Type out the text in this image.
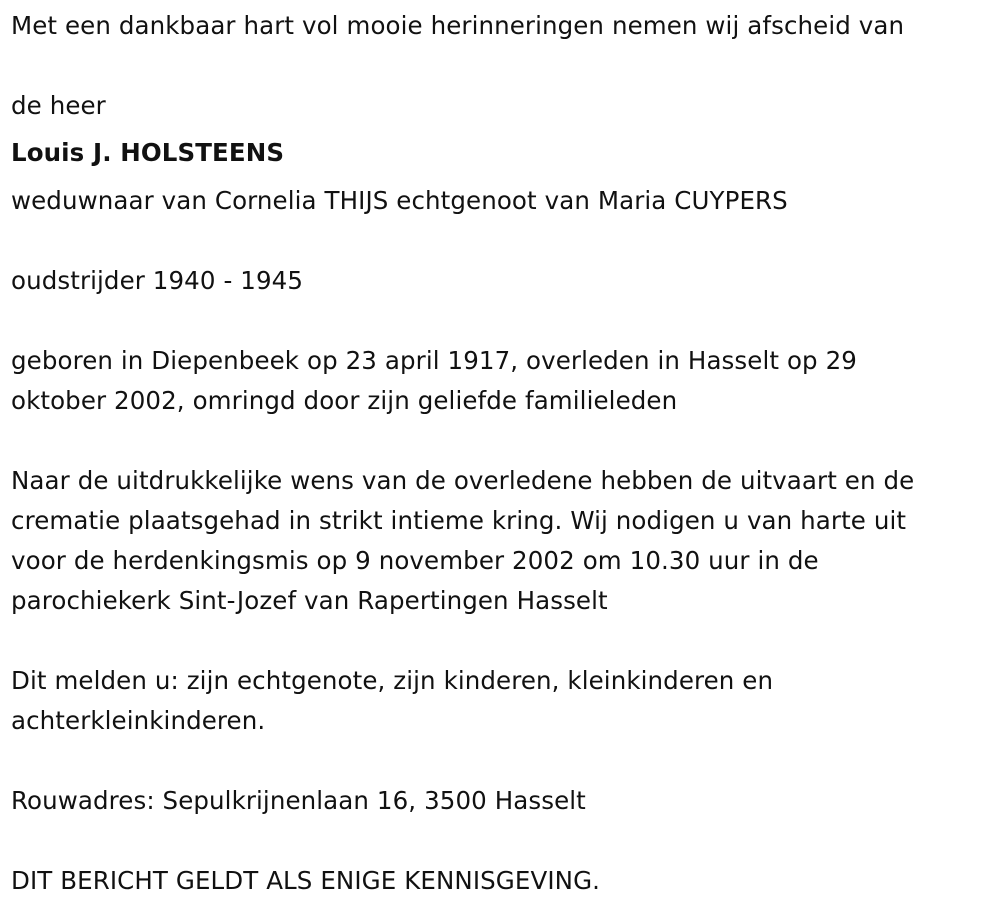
Met een dankbaar hart vol mooie herinneringen nemen wij afscheid van
de heer
Louis J. HOLSTEENS
weduwnaar van Cornelia THIJS echtgenoot van Maria CUYPERS
oudstrijder 1940 - 1945
geboren in Diepenbeek op 23 april 1917, overleden in Hasselt op 29
oktober 2002, omringd door zijn geliefde familieleden
Naar de uitdrukkelijke wens van de overledene hebben de uitvaart en de
crematie plaatsgehad in strikt intieme kring. Wij nodigen u van harte uit
voor de herdenkingsmis op 9 november 2002 om 10.30 uur in de
parochiekerk Sint-Jozef van Rapertingen Hasselt
Dit melden u: zijn echtgenote, zijn kinderen, kleinkinderen en
achterkleinkinderen.
Rouwadres: Sepulkrijnenlaan 16, 3500 Hasselt
DIT BERICHT GELDT ALS ENIGE KENNISGEVING.
